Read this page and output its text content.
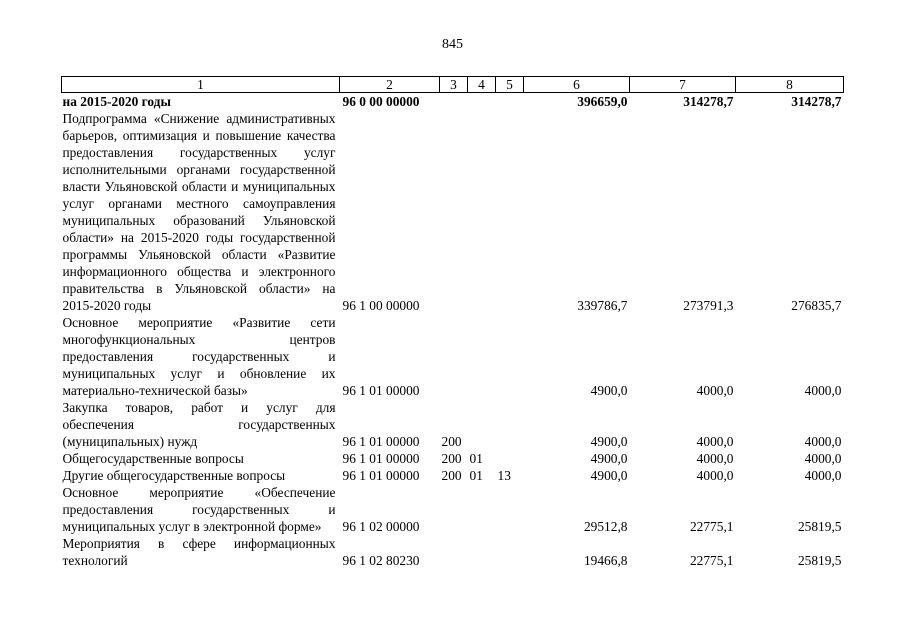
845
1	2	3	4	5	6	7	8
на 2015-2020 годы	96 0 00 00000				396659,0	314278,7	314278,7
Подпрограмма «Снижение административных барьеров, оптимизация и повышение качества предоставления государственных услуг исполнительными органами государственной власти Ульяновской области и муниципальных услуг органами местного самоуправления муниципальных образований Ульяновской области» на 2015-2020 годы государственной программы Ульяновской области «Развитие информационного общества и электронного правительства в Ульяновской области» на 2015-2020 годы	96 1 00 00000				339786,7	273791,3	276835,7
Основное мероприятие «Развитие сети многофункциональных центров предоставления государственных и муниципальных услуг и обновление их материально-технической базы»	96 1 01 00000				4900,0	4000,0	4000,0
Закупка товаров, работ и услуг для обеспечения государственных (муниципальных) нужд	96 1 01 00000	200			4900,0	4000,0	4000,0
Общегосударственные вопросы	96 1 01 00000	200	01		4900,0	4000,0	4000,0
Другие общегосударственные вопросы	96 1 01 00000	200	01	13	4900,0	4000,0	4000,0
Основное мероприятие «Обеспечение предоставления государственных и муниципальных услуг в электронной форме»	96 1 02 00000				29512,8	22775,1	25819,5
Мероприятия в сфере информационных технологий	96 1 02 80230				19466,8	22775,1	25819,5
